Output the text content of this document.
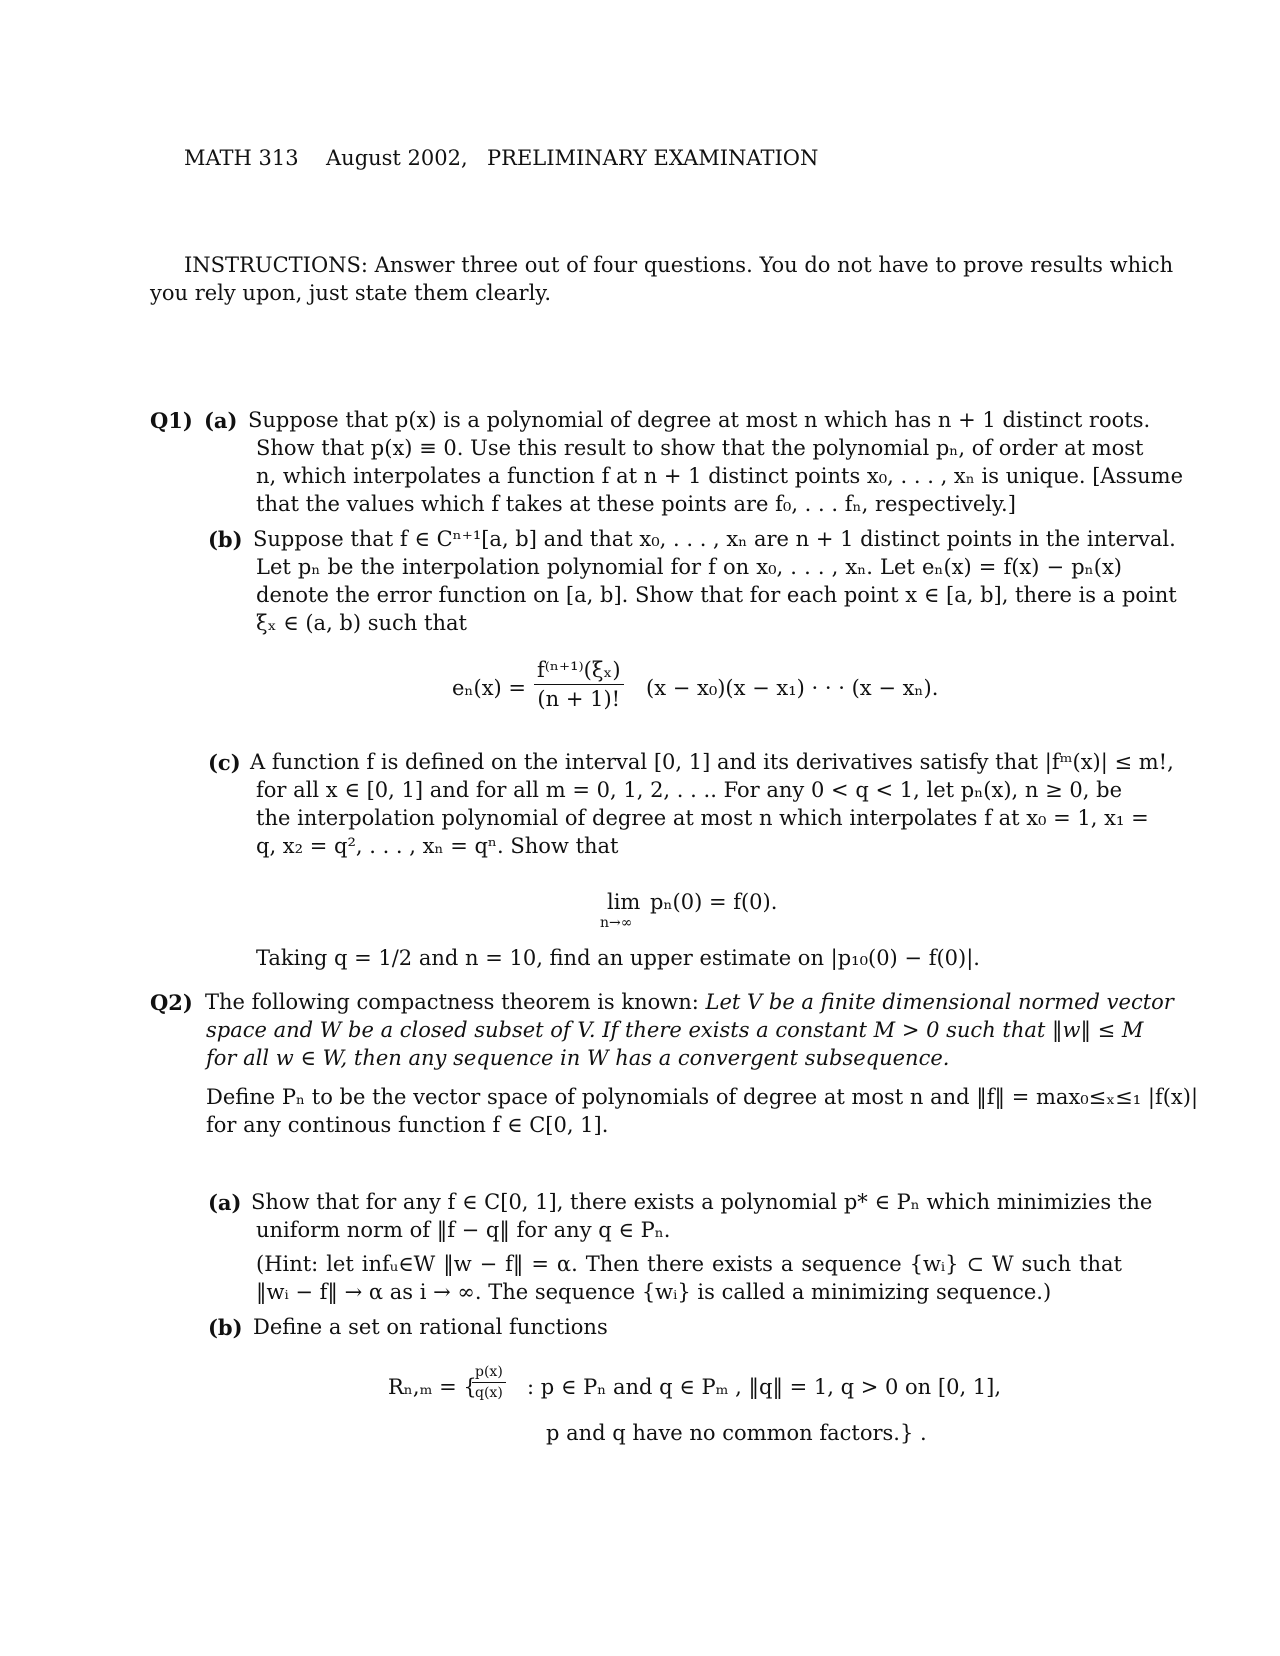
MATH 313 August 2002, PRELIMINARY EXAMINATION
INSTRUCTIONS: Answer three out of four questions. You do not have to prove results which
you rely upon, just state them clearly.
Q1) (a) Suppose that p(x) is a polynomial of degree at most n which has n + 1 distinct roots.
Show that p(x) ≡ 0. Use this result to show that the polynomial pₙ, of order at most
n, which interpolates a function f at n + 1 distinct points x₀, . . . , xₙ is unique. [Assume
that the values which f takes at these points are f₀, . . . fₙ, respectively.]
(b) Suppose that f ∈ Cⁿ⁺¹[a, b] and that x₀, . . . , xₙ are n + 1 distinct points in the interval.
Let pₙ be the interpolation polynomial for f on x₀, . . . , xₙ. Let eₙ(x) = f(x) − pₙ(x)
denote the error function on [a, b]. Show that for each point x ∈ [a, b], there is a point
ξₓ ∈ (a, b) such that
$e_n(x) = \frac{\text{f⁽ⁿ⁺¹⁾(ξₓ)}}{(n + 1)!} (x - x_0)(x - x_1)$ · · · (x − xₙ).
(c) A function f is defined on the interval [0, 1] and its derivatives satisfy that |fᵐ(x)| ≤ m!,
for all x ∈ [0, 1] and for all m = 0, 1, 2, . . .. For any 0 < q < 1, let pₙ(x), n ≥ 0, be
the interpolation polynomial of degree at most n which interpolates f at x₀ = 1, x₁ =
q, x₂ = q², . . . , xₙ = qⁿ. Show that
lim
n→∞
pₙ(0) = f(0).
Taking q = 1/2 and n = 10, find an upper estimate on |p₁₀(0) − f(0)|.
Q2) The following compactness theorem is known: Let V be a finite dimensional normed vector
space and W be a closed subset of V. If there exists a constant M > 0 such that ‖w‖ ≤ M
for all w ∈ W, then any sequence in W has a convergent subsequence.
Define Pₙ to be the vector space of polynomials of degree at most n and ‖f‖ = max₀≤ₓ≤₁ |f(x)|
for any continous function f ∈ C[0, 1].
(a) Show that for any f ∈ C[0, 1], there exists a polynomial p* ∈ Pₙ which minimizies the
uniform norm of ‖f − q‖ for any q ∈ Pₙ.
(Hint: let infᵤ∈W ‖w − f‖ = α. Then there exists a sequence {wᵢ} ⊂ W such that
‖wᵢ − f‖ → α as i → ∞. The sequence {wᵢ} is called a minimizing sequence.)
(b) Define a set on rational functions
Rₙ,ₘ = {
$\frac{p(x)}{q(x)}$ : p ∈ Pₙ and q ∈ Pₘ , ‖q‖ = 1, q > 0 on [0, 1],
p and q have no common factors.} .
